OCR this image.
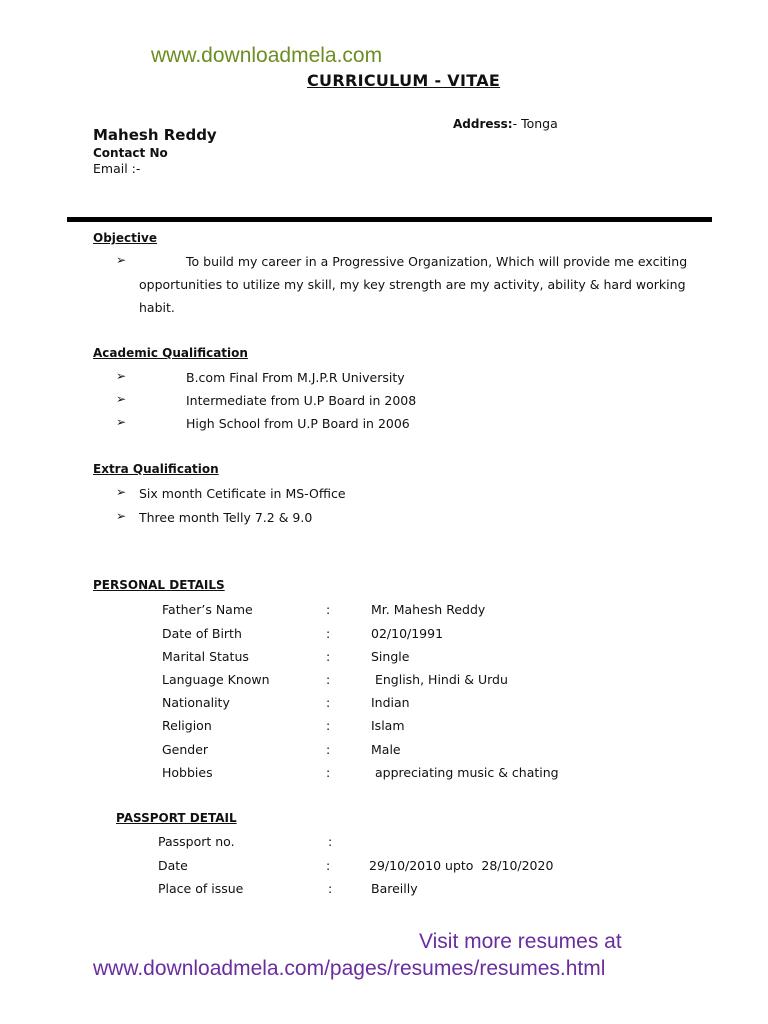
www.downloadmela.com
CURRICULUM - VITAE
Mahesh Reddy
Address:- Tonga
Contact No
Email :-
Objective
➢	To build my career in a Progressive Organization, Which will provide me exciting
opportunities to utilize my skill, my key strength are my activity, ability & hard working
habit.
Academic Qualification
➢	B.com Final From M.J.P.R University
➢	Intermediate from U.P Board in 2008
➢	High School from U.P Board in 2006
Extra Qualification
➢ Six month Cetificate in MS-Office
➢ Three month Telly 7.2 & 9.0
PERSONAL DETAILS
Father’s Name	:	Mr. Mahesh Reddy
Date of Birth	:	02/10/1991
Marital Status	:	Single
Language Known	:	English, Hindi & Urdu
Nationality	:	Indian
Religion	:	Islam
Gender	:	Male
Hobbies	:	appreciating music & chating
PASSPORT DETAIL
Passport no.	:
Date	:	29/10/2010 upto  28/10/2020
Place of issue	:	Bareilly
Visit more resumes at
www.downloadmela.com/pages/resumes/resumes.html
